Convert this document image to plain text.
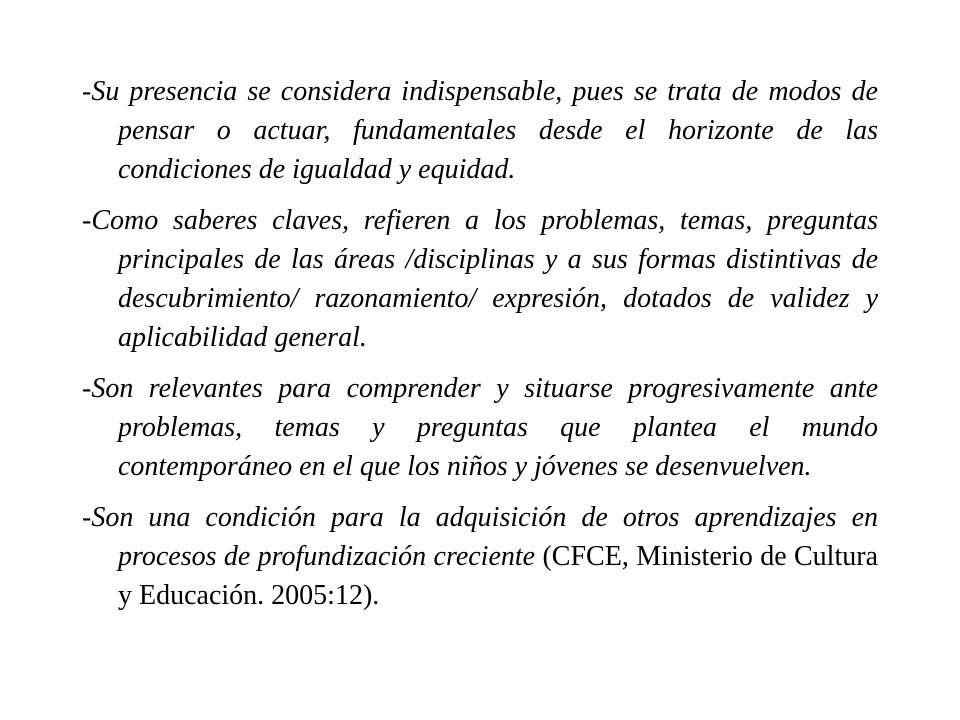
-Su presencia se considera indispensable, pues se trata de modos de pensar o actuar, fundamentales desde el horizonte de las condiciones de igualdad y equidad.

-Como saberes claves, refieren a los problemas, temas, preguntas principales de las áreas /disciplinas y a sus formas distintivas de descubrimiento/ razonamiento/ expresión, dotados de validez y aplicabilidad general.

-Son relevantes para comprender y situarse progresivamente ante problemas, temas y preguntas que plantea el mundo contemporáneo en el que los niños y jóvenes se desenvuelven.

-Son una condición para la adquisición de otros aprendizajes en procesos de profundización creciente (CFCE, Ministerio de Cultura y Educación. 2005:12).
